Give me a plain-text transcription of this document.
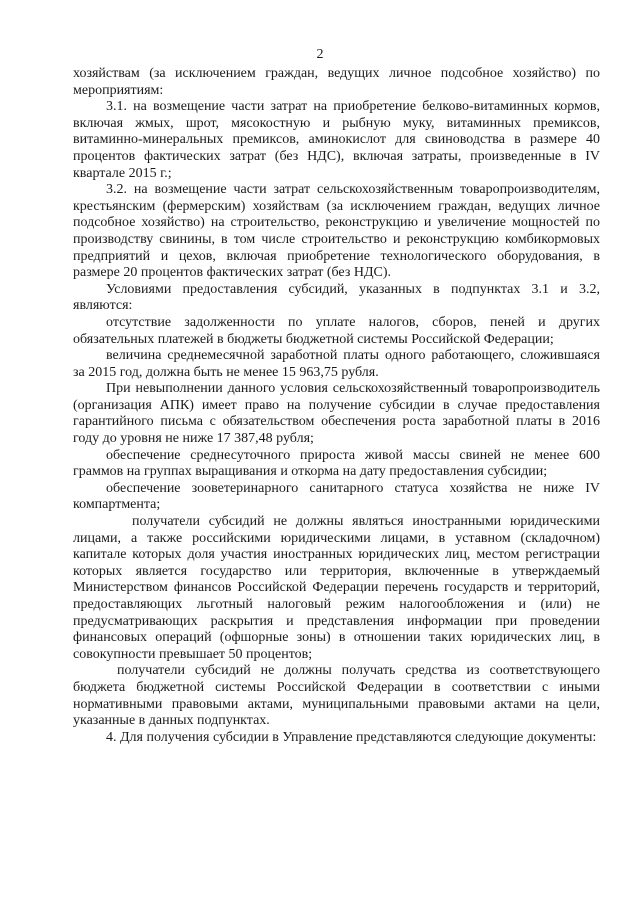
2

хозяйствам (за исключением граждан, ведущих личное подсобное хозяйство) по мероприятиям:

3.1. на возмещение части затрат на приобретение белково-витаминных кормов, включая жмых, шрот, мясокостную и рыбную муку, витаминных премиксов, витаминно-минеральных премиксов, аминокислот для свиноводства в размере 40 процентов фактических затрат (без НДС), включая затраты, произведенные в IV квартале 2015 г.;

3.2. на возмещение части затрат сельскохозяйственным товаропроизводителям, крестьянским (фермерским) хозяйствам (за исключением граждан, ведущих личное подсобное хозяйство) на строительство, реконструкцию и увеличение мощностей по производству свинины, в том числе строительство и реконструкцию комбикормовых предприятий и цехов, включая приобретение технологического оборудования, в размере 20 процентов фактических затрат (без НДС).

Условиями предоставления субсидий, указанных в подпунктах 3.1 и 3.2, являются:

отсутствие задолженности по уплате налогов, сборов, пеней и других обязательных платежей в бюджеты бюджетной системы Российской Федерации;

величина среднемесячной заработной платы одного работающего, сложившаяся за 2015 год, должна быть не менее 15 963,75 рубля.

При невыполнении данного условия сельскохозяйственный товаропроизводитель (организация АПК) имеет право на получение субсидии в случае предоставления гарантийного письма с обязательством обеспечения роста заработной платы в 2016 году до уровня не ниже 17 387,48 рубля;

обеспечение среднесуточного прироста живой массы свиней не менее 600 граммов на группах выращивания и откорма на дату предоставления субсидии;

обеспечение зооветеринарного санитарного статуса хозяйства не ниже IV компартмента;

получатели субсидий не должны являться иностранными юридическими лицами, а также российскими юридическими лицами, в уставном (складочном) капитале которых доля участия иностранных юридических лиц, местом регистрации которых является государство или территория, включенные в утверждаемый Министерством финансов Российской Федерации перечень государств и территорий, предоставляющих льготный налоговый режим налогообложения и (или) не предусматривающих раскрытия и представления информации при проведении финансовых операций (офшорные зоны) в отношении таких юридических лиц, в совокупности превышает 50 процентов;

получатели субсидий не должны получать средства из соответствующего бюджета бюджетной системы Российской Федерации в соответствии с иными нормативными правовыми актами, муниципальными правовыми актами на цели, указанные в данных подпунктах.

4. Для получения субсидии в Управление представляются следующие документы:
